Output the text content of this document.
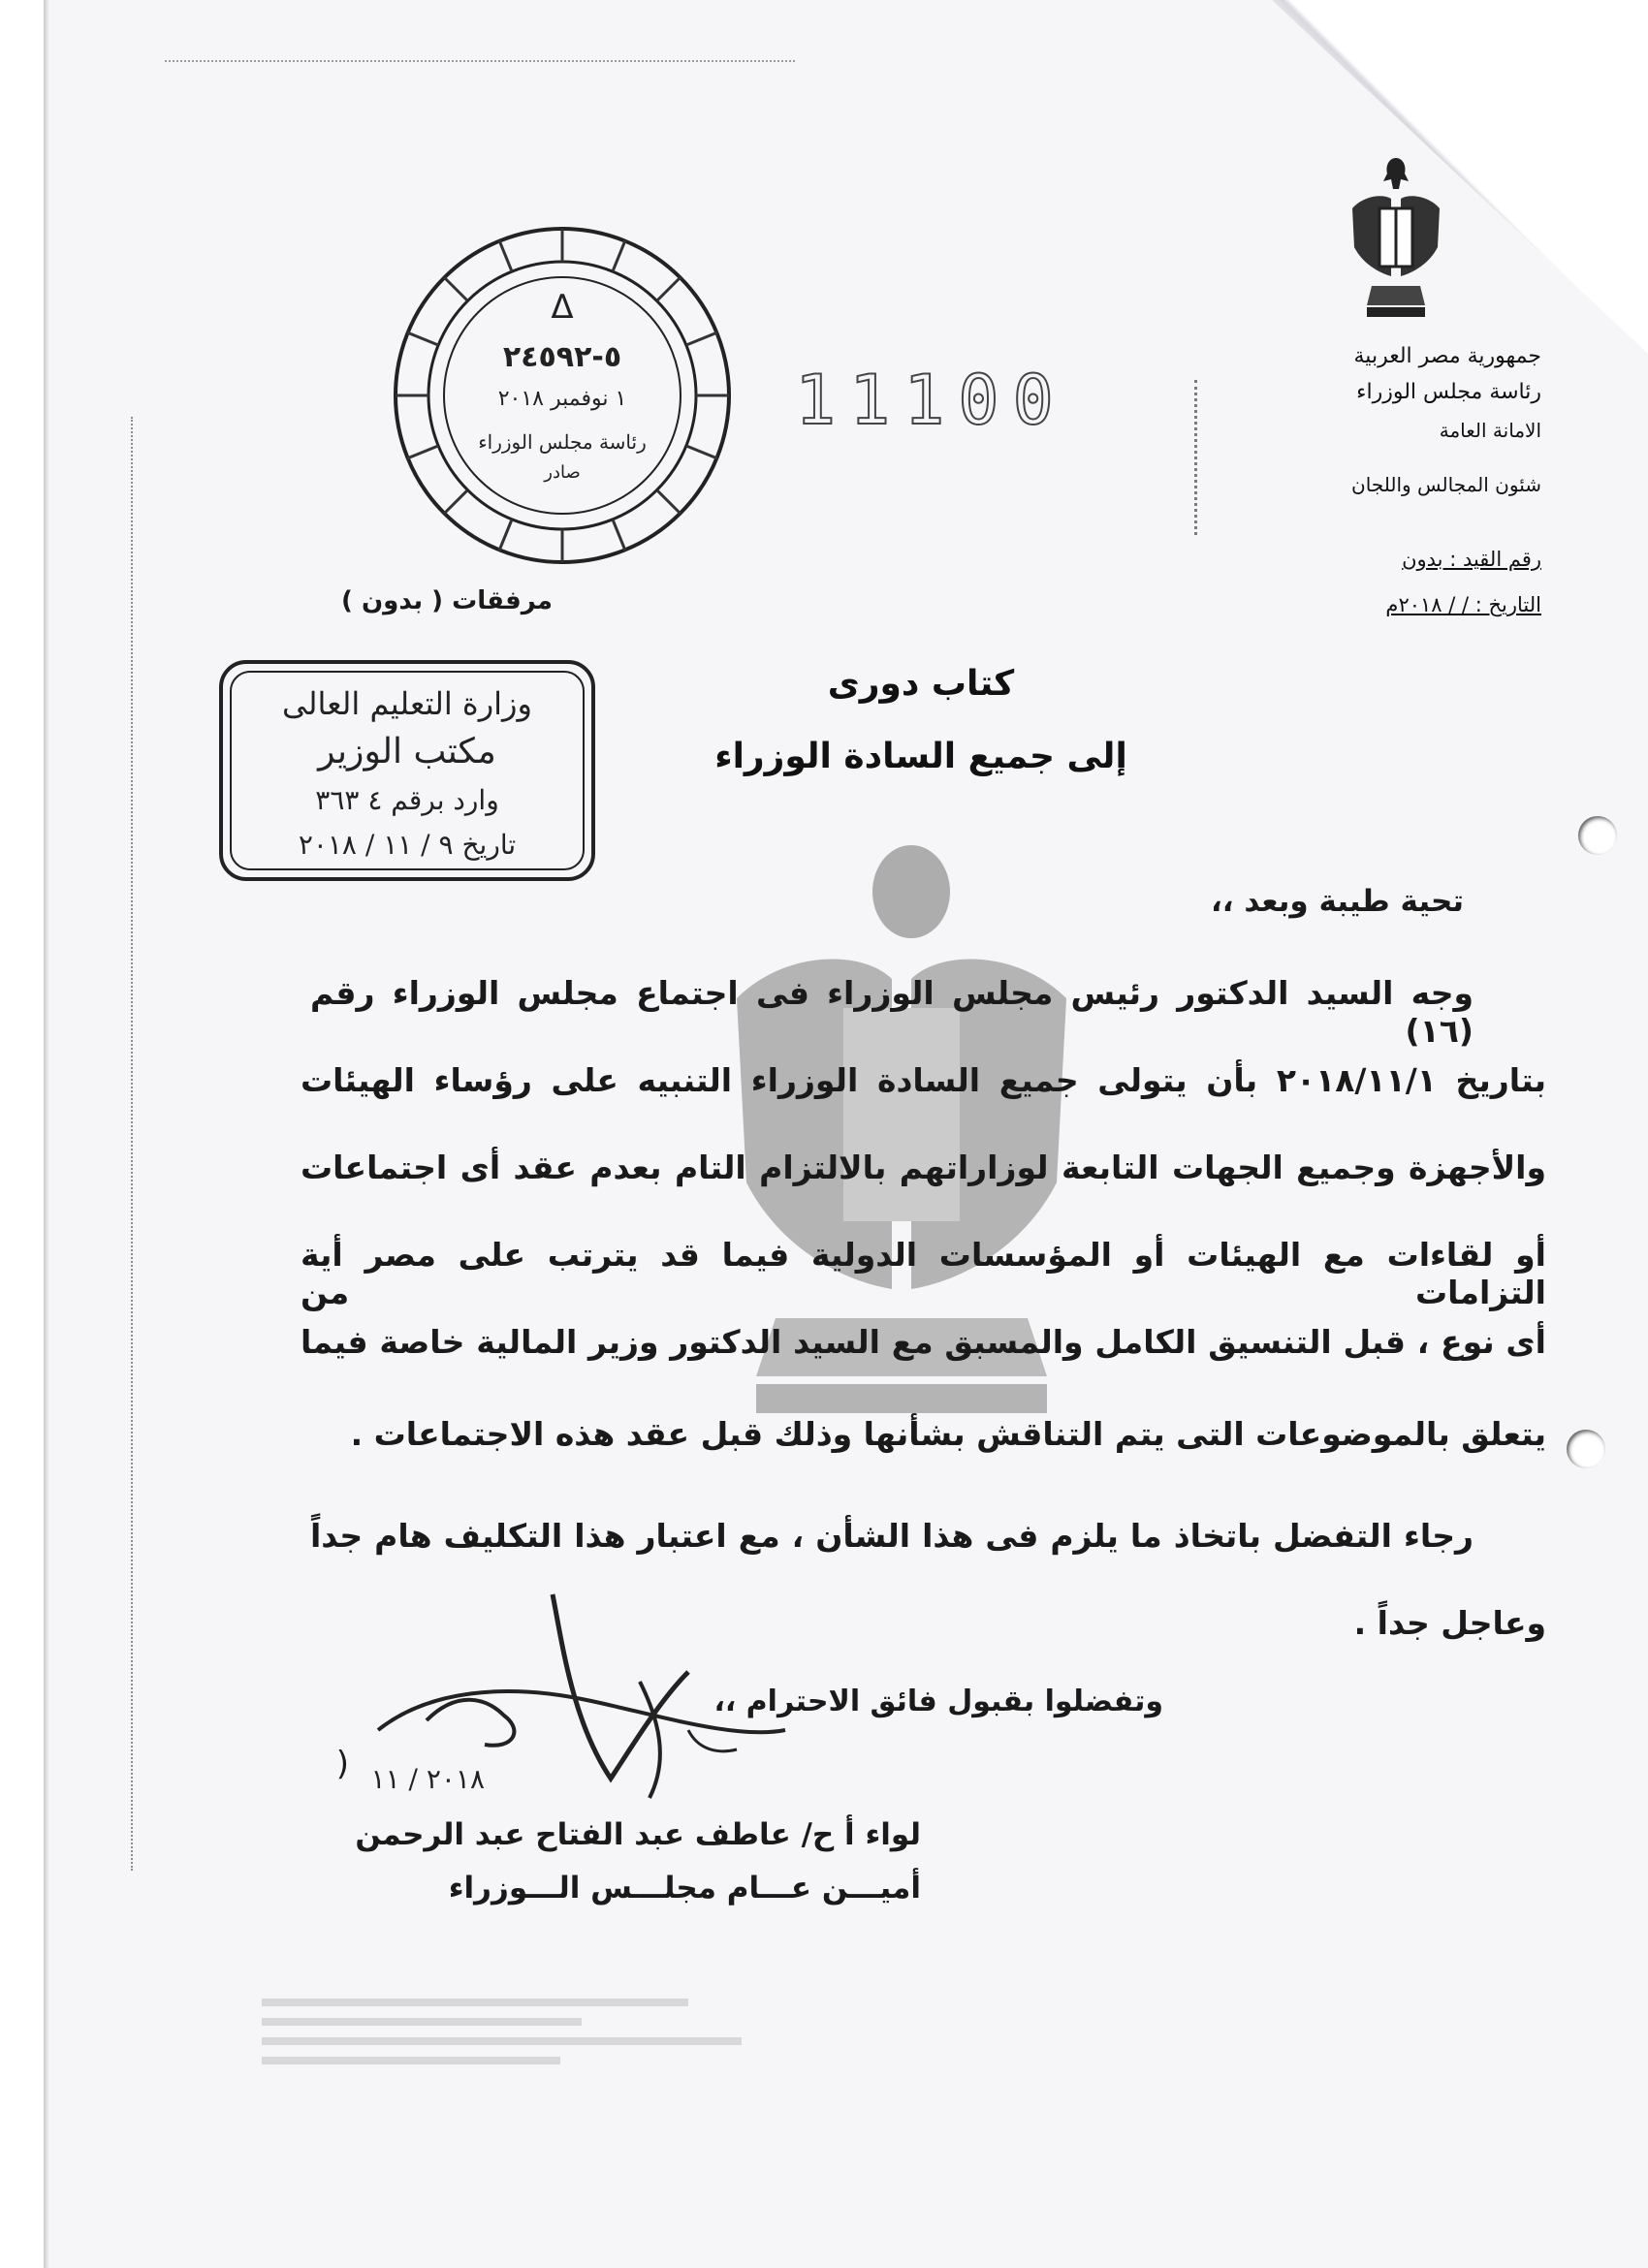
جمهورية مصر العربية
رئاسة مجلس الوزراء
الامانة العامة
شئون المجالس واللجان
رقم القيد : بدون
التاريخ : / / ٢٠١٨م
Δ
٥-٢٤٥٩٢
١ نوفمبر ٢٠١٨
رئاسة مجلس الوزراء
صادر
11100
مرفقات ( بدون )
وزارة التعليم العالى
مكتب الوزير
وارد برقم ٤ ٣٦٣
تاريخ ٩ / ١١ / ٢٠١٨
كتاب دورى
إلى جميع السادة الوزراء
تحية طيبة وبعد ،،
وجه السيد الدكتور رئيس مجلس الوزراء فى اجتماع مجلس الوزراء رقم (١٦)
بتاريخ ٢٠١٨/١١/١ بأن يتولى جميع السادة الوزراء التنبيه على رؤساء الهيئات
والأجهزة وجميع الجهات التابعة لوزاراتهم بالالتزام التام بعدم عقد أى اجتماعات
أو لقاءات مع الهيئات أو المؤسسات الدولية فيما قد يترتب على مصر أية التزامات من
أى نوع ، قبل التنسيق الكامل والمسبق مع السيد الدكتور وزير المالية خاصة فيما
يتعلق بالموضوعات التى يتم التناقش بشأنها وذلك قبل عقد هذه الاجتماعات .
رجاء التفضل باتخاذ ما يلزم فى هذا الشأن ، مع اعتبار هذا التكليف هام جداً
وعاجل جداً .
وتفضلوا بقبول فائق الاحترام ،،
٢٠١٨ / ١١
(
لواء أ ح/ عاطف عبد الفتاح عبد الرحمن
أميـــن عـــام مجلـــس الـــوزراء
